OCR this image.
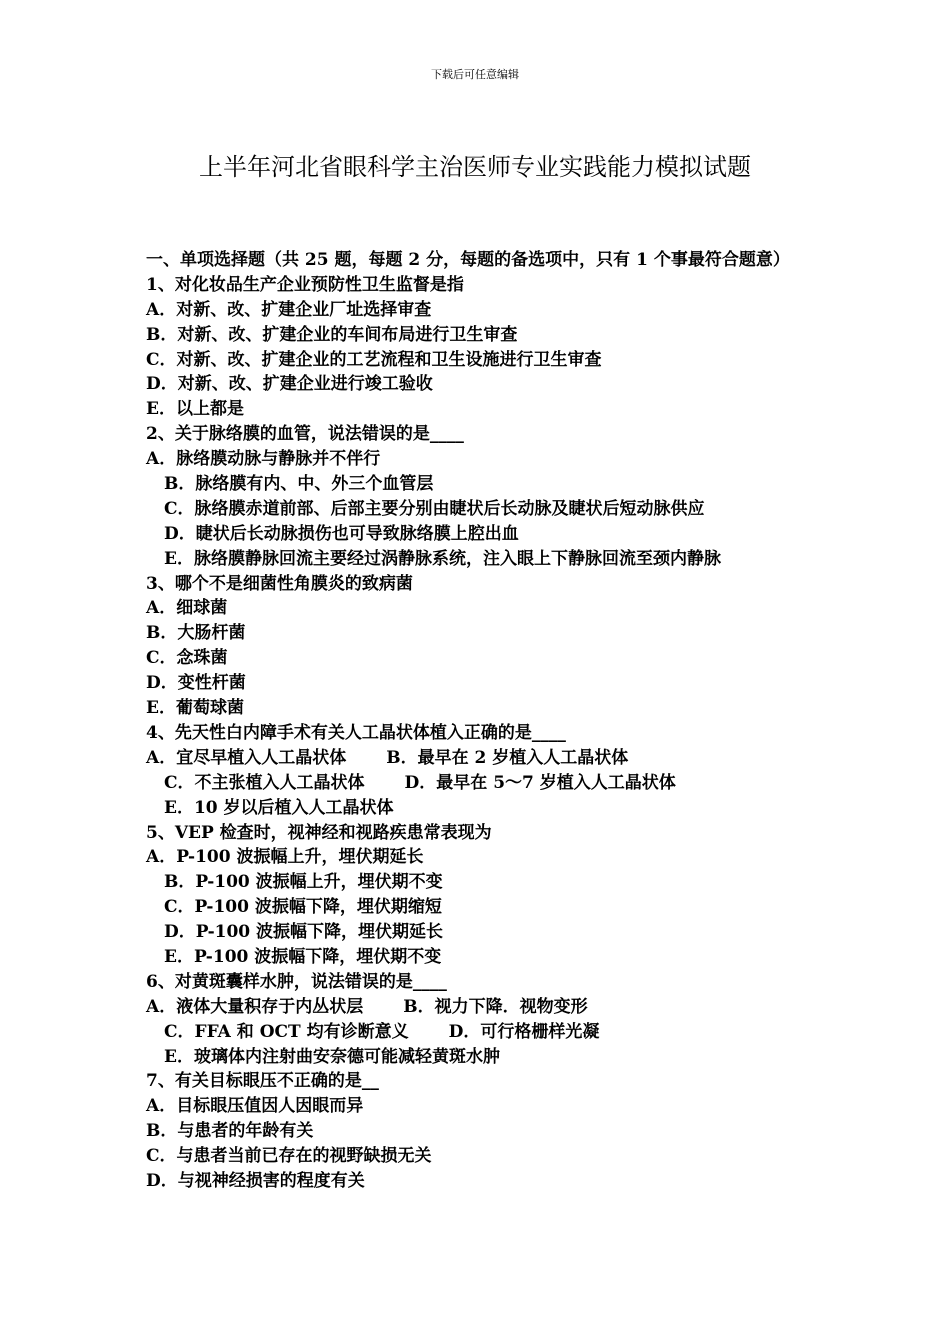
下载后可任意编辑
上半年河北省眼科学主治医师专业实践能力模拟试题
一、单项选择题（共 25 题，每题 2 分，每题的备选项中，只有 1 个事最符合题意）
1、对化妆品生产企业预防性卫生监督是指
A．对新、改、扩建企业厂址选择审查
B．对新、改、扩建企业的车间布局进行卫生审查
C．对新、改、扩建企业的工艺流程和卫生设施进行卫生审查
D．对新、改、扩建企业进行竣工验收
E．以上都是
2、关于脉络膜的血管，说法错误的是____
A．脉络膜动脉与静脉并不伴行
B．脉络膜有内、中、外三个血管层
C．脉络膜赤道前部、后部主要分别由睫状后长动脉及睫状后短动脉供应
D．睫状后长动脉损伤也可导致脉络膜上腔出血
E．脉络膜静脉回流主要经过涡静脉系统，注入眼上下静脉回流至颈内静脉
3、哪个不是细菌性角膜炎的致病菌
A．细球菌
B．大肠杆菌
C．念珠菌
D．变性杆菌
E．葡萄球菌
4、先天性白内障手术有关人工晶状体植入正确的是____
A．宜尽早植入人工晶状体 B．最早在 2 岁植入人工晶状体
C．不主张植入人工晶状体 D．最早在 5～7 岁植入人工晶状体
E．10 岁以后植入人工晶状体
5、VEP 检查时，视神经和视路疾患常表现为
A．P-100 波振幅上升，埋伏期延长
B．P-100 波振幅上升，埋伏期不变
C．P-100 波振幅下降，埋伏期缩短
D．P-100 波振幅下降，埋伏期延长
E．P-100 波振幅下降，埋伏期不变
6、对黄斑囊样水肿，说法错误的是____
A．液体大量积存于内丛状层 B．视力下降．视物变形
C．FFA 和 OCT 均有诊断意义 D．可行格栅样光凝
E．玻璃体内注射曲安奈德可能减轻黄斑水肿
7、有关目标眼压不正确的是__
A．目标眼压值因人因眼而异
B．与患者的年龄有关
C．与患者当前已存在的视野缺损无关
D．与视神经损害的程度有关
